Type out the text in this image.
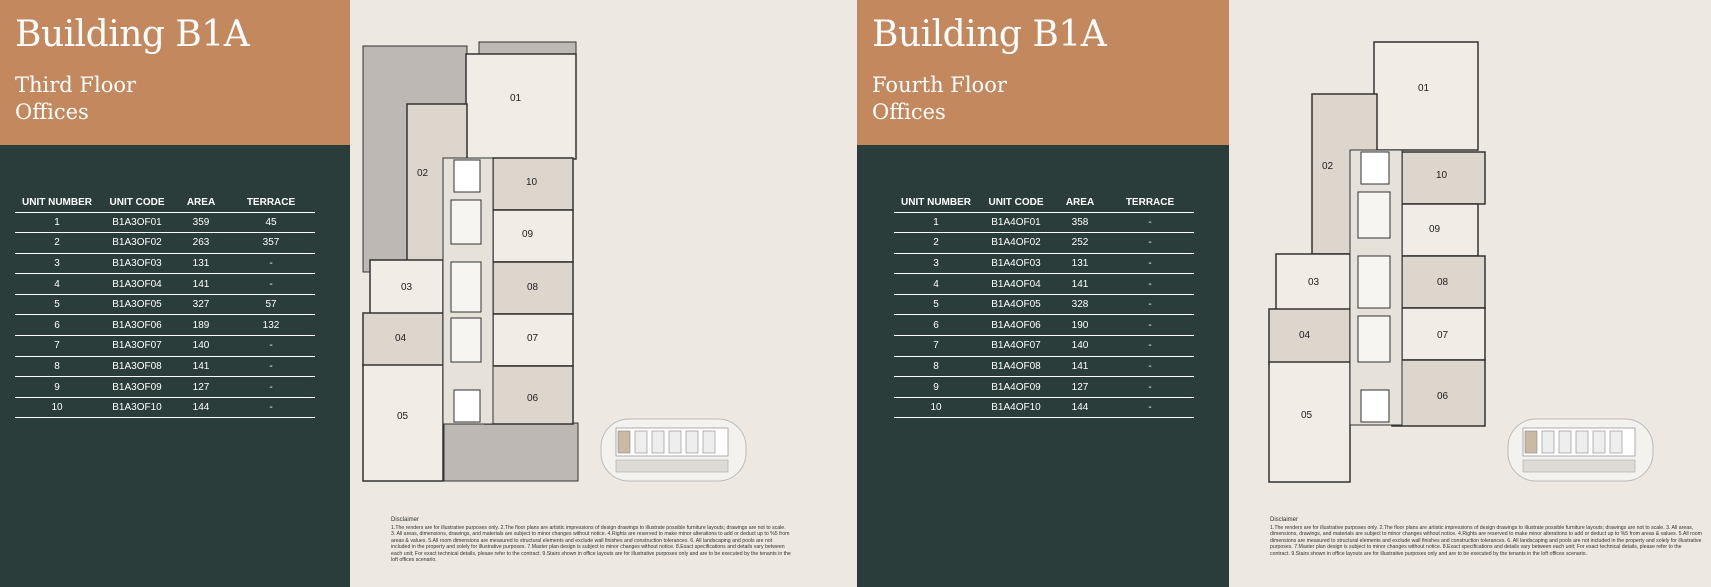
Building B1A
Third Floor
Offices
UNIT NUMBER	UNIT CODE	AREA	TERRACE
1	B1A3OF01	359	45
2	B1A3OF02	263	357
3	B1A3OF03	131	-
4	B1A3OF04	141	-
5	B1A3OF05	327	57
6	B1A3OF06	189	132
7	B1A3OF07	140	-
8	B1A3OF08	141	-
9	B1A3OF09	127	-
10	B1A3OF10	144	-
01
02
10
09
03	08
04	07
05
06
Disclaimer
1.The renders are for illustrative purposes only. 2.The floor plans are artistic impressions of design drawings to illustrate possible furniture layouts; drawings are not to scale. 3. All areas, dimensions, drawings, and materials are subject to minor changes without notice. 4.Rights are reserved to make minor alterations to add or deduct up to %5 from areas & values. 5.All room dimensions are measured to structural elements and exclude wall finishes and construction tolerances. 6. All landscaping and pools are not included in the property and solely for illustrative purposes. 7.Master plan design is subject to minor changes without notice. 8.Exact specifications and details vary between each unit; For exact technical details, please refer to the contract. 9.Stairs shown in office layouts are for illustrative purposes only and are to be executed by the tenants in the loft offices scenario.
Building B1A
Fourth Floor
Offices
UNIT NUMBER	UNIT CODE	AREA	TERRACE
1	B1A4OF01	358	-
2	B1A4OF02	252	-
3	B1A4OF03	131	-
4	B1A4OF04	141	-
5	B1A4OF05	328	-
6	B1A4OF06	190	-
7	B1A4OF07	140	-
8	B1A4OF08	141	-
9	B1A4OF09	127	-
10	B1A4OF10	144	-
01
02
10
09
03	08
04	07
05
06
Disclaimer
1.The renders are for illustrative purposes only. 2.The floor plans are artistic impressions of design drawings to illustrate possible furniture layouts; drawings are not to scale. 3. All areas, dimensions, drawings, and materials are subject to minor changes without notice. 4.Rights are reserved to make minor alterations to add or deduct up to %5 from areas & values. 5.All room dimensions are measured to structural elements and exclude wall finishes and construction tolerances. 6. All landscaping and pools are not included in the property and solely for illustrative purposes. 7.Master plan design is subject to minor changes without notice. 8.Exact specifications and details vary between each unit; For exact technical details, please refer to the contract. 9.Stairs shown in office layouts are for illustrative purposes only and are to be executed by the tenants in the loft offices scenario.
